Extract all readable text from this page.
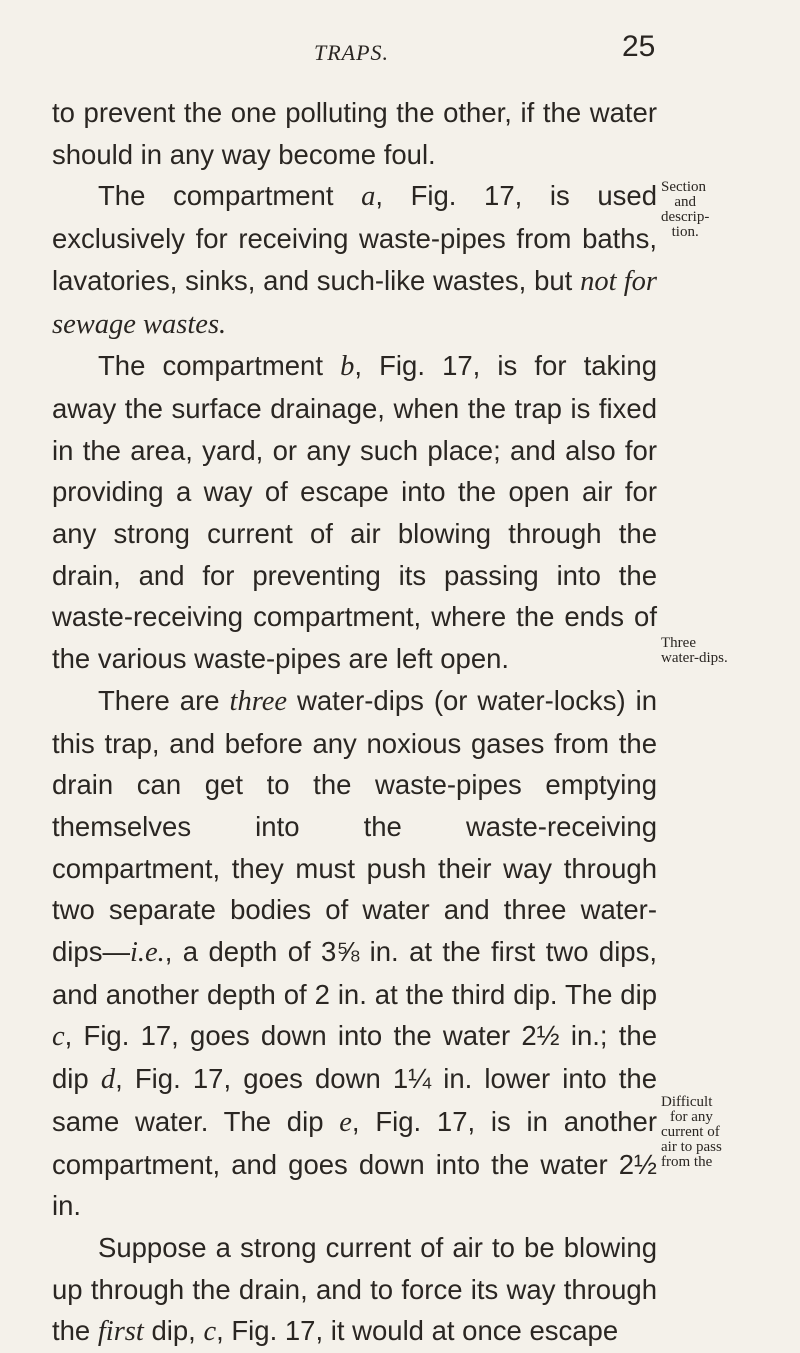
TRAPS.	25

to prevent the one polluting the other, if the water should in any way become foul.

The compartment a, Fig. 17, is used exclusively for receiving waste-pipes from baths, lavatories, sinks, and such-like wastes, but not for sewage wastes.

The compartment b, Fig. 17, is for taking away the surface drainage, when the trap is fixed in the area, yard, or any such place; and also for providing a way of escape into the open air for any strong current of air blowing through the drain, and for preventing its passing into the waste-receiving compartment, where the ends of the various waste-pipes are left open.

There are three water-dips (or water-locks) in this trap, and before any noxious gases from the drain can get to the waste-pipes emptying themselves into the waste-receiving compartment, they must push their way through two separate bodies of water and three water-dips—i.e., a depth of 3⅝ in. at the first two dips, and another depth of 2 in. at the third dip. The dip c, Fig. 17, goes down into the water 2½ in.; the dip d, Fig. 17, goes down 1¼ in. lower into the same water. The dip e, Fig. 17, is in another compartment, and goes down into the water 2½ in.

Suppose a strong current of air to be blowing up through the drain, and to force its way through the first dip, c, Fig. 17, it would at once escape

Section
and
descrip-
tion.
Three
water-dips.
Difficult
for any
current of
air to pass
from the
